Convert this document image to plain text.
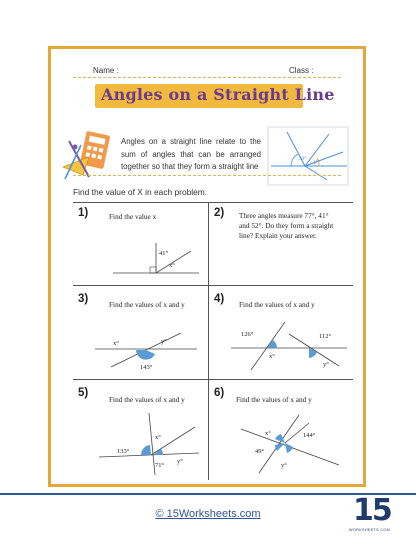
Name :	Class :
Angles on a Straight Line
Angles on a straight line relate to the sum of angles that can be arranged together so that they form a straight line
50°
47°
Find the value of X in each problem.
1)	Find the value x
41°
x°
2) Three angles measure 77°, 41° and 52°. Do they form a straight line? Explain your answer.
3)	Find the values of x and y
x°	y°
143°
4) Find the values of x and y
126°	112°
x°
y°
5)
Find the values of x and y
133°
x°
71°
y°
6)
Find the values of x and y
x°	144°
49°
y°
© 15Worksheets.com	15
WORKSHEETS.COM
